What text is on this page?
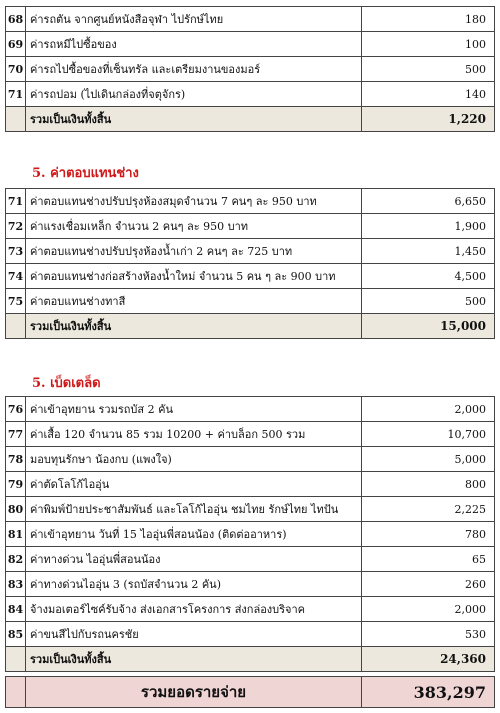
68	ค่ารถตัน จากศูนย์หนังสือจุฬา ไปรักษ์ไทย	180
69	ค่ารถหมีไปซื้อของ	100
70	ค่ารถไปซื้อของที่เซ็นทรัล และเตรียมงานของมอร์	500
71	ค่ารถปอม (ไปเดินกล่องที่จตุจักร)	140
	รวมเป็นเงินทั้งสิ้น	1,220
5. ค่าตอบแทนช่าง
71	ค่าตอบแทนช่างปรับปรุงห้องสมุดจำนวน 7 คนๆ ละ 950 บาท	6,650
72	ค่าแรงเชื่อมเหล็ก จำนวน 2 คนๆ ละ 950 บาท	1,900
73	ค่าตอบแทนช่างปรับปรุงห้องน้ำเก่า 2 คนๆ ละ 725 บาท	1,450
74	ค่าตอบแทนช่างก่อสร้างห้องน้ำใหม่ จำนวน 5 คน ๆ ละ 900 บาท	4,500
75	ค่าตอบแทนช่างทาสี	500
	รวมเป็นเงินทั้งสิ้น	15,000
5. เบ็ดเตล็ด
76	ค่าเข้าอุทยาน รวมรถบัส 2 คัน	2,000
77	ค่าเสื้อ 120 จำนวน 85 รวม 10200 + ค่าบล็อก 500 รวม	10,700
78	มอบทุนรักษา น้องกบ (แพงใจ)	5,000
79	ค่าตัดโลโก้ไออุ่น	800
80	ค่าพิมพ์ป้ายประชาสัมพันธ์ และโลโก้ไออุ่น ชมไทย รักษ์ไทย ไทปัน	2,225
81	ค่าเข้าอุทยาน วันที่ 15 ไออุ่นพี่สอนน้อง (ติดต่ออาหาร)	780
82	ค่าทางด่วน ไออุ่นพี่สอนน้อง	65
83	ค่าทางด่วนไออุ่น 3 (รถบัสจำนวน 2 คัน)	260
84	จ้างมอเตอร์ไซค์รับจ้าง ส่งเอกสารโครงการ ส่งกล่องบริจาค	2,000
85	ค่าขนสีไปกับรถนครชัย	530
	รวมเป็นเงินทั้งสิ้น	24,360
	รวมยอดรายจ่าย	383,297
